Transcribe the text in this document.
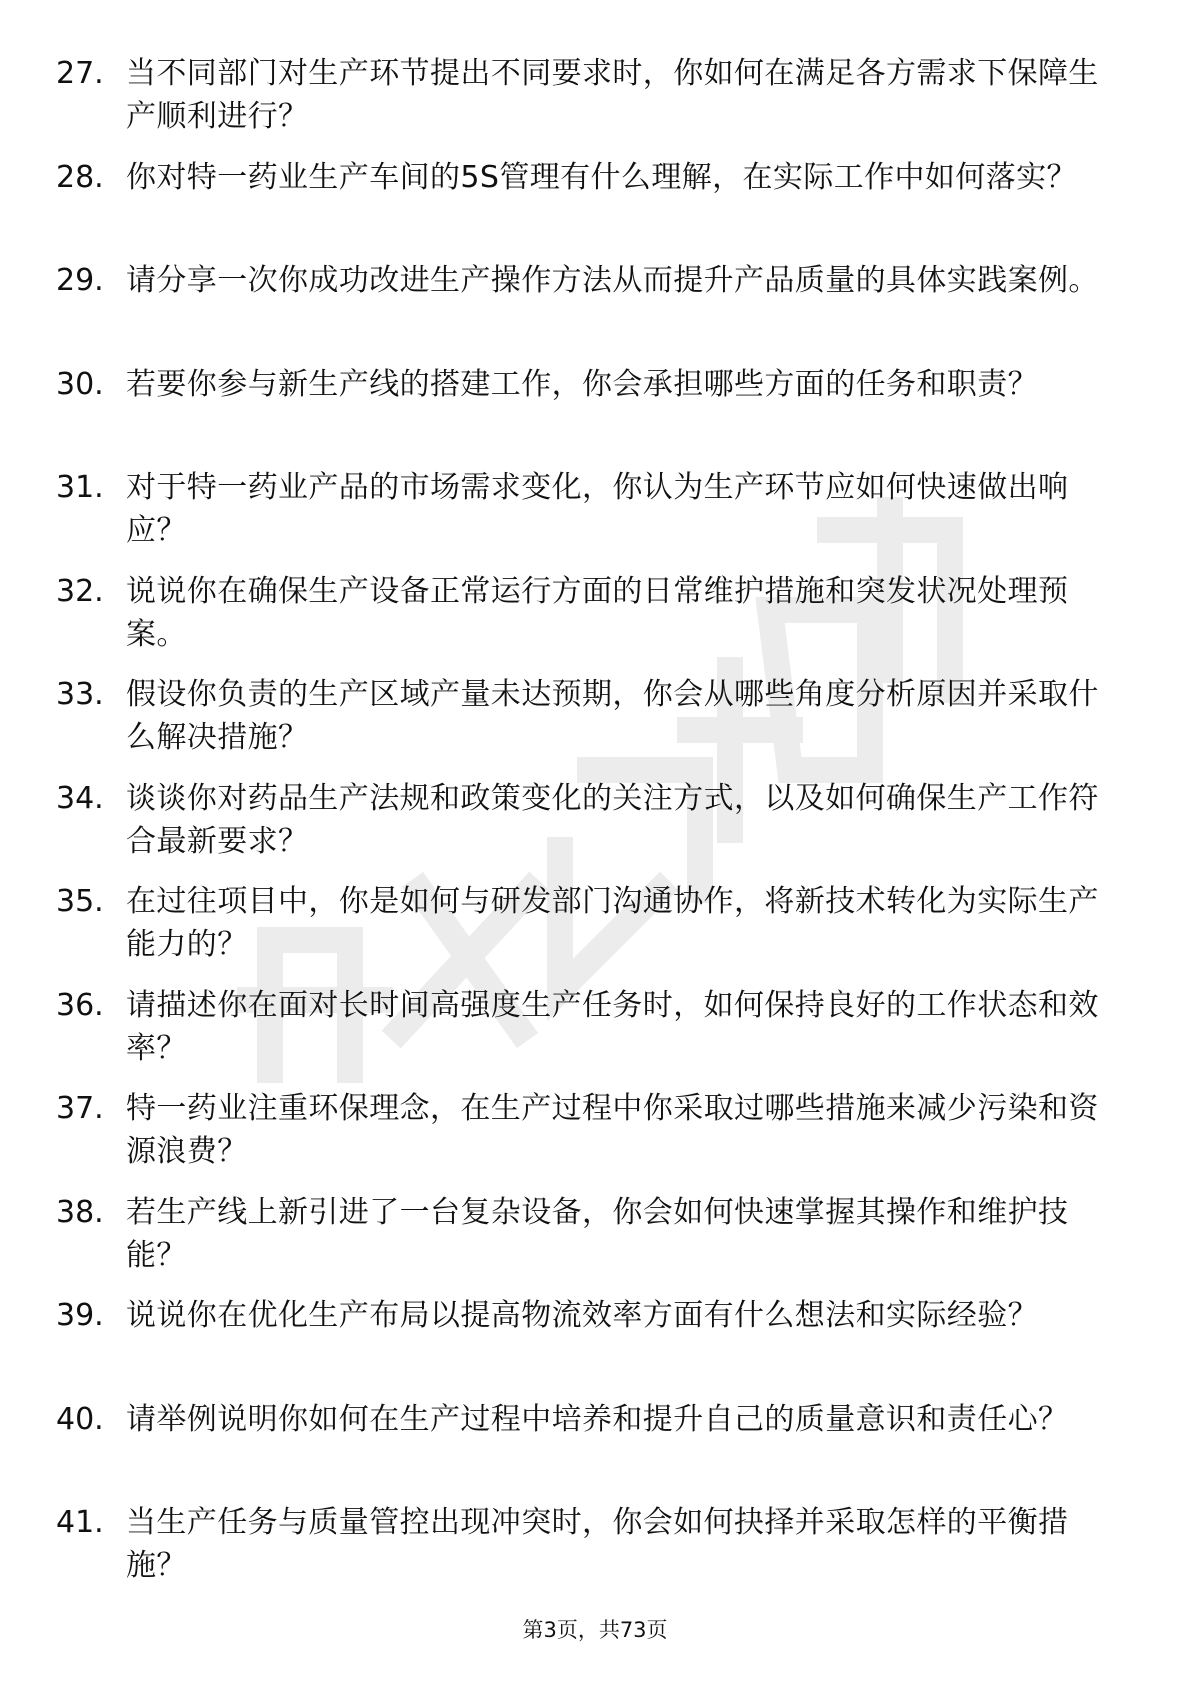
27. 当不同部门对生产环节提出不同要求时，你如何在满足各方需求下保障生产顺利进行？
28. 你对特一药业生产车间的5S管理有什么理解，在实际工作中如何落实？
29. 请分享一次你成功改进生产操作方法从而提升产品质量的具体实践案例。
30. 若要你参与新生产线的搭建工作，你会承担哪些方面的任务和职责？
31. 对于特一药业产品的市场需求变化，你认为生产环节应如何快速做出响应？
32. 说说你在确保生产设备正常运行方面的日常维护措施和突发状况处理预案。
33. 假设你负责的生产区域产量未达预期，你会从哪些角度分析原因并采取什么解决措施？
34. 谈谈你对药品生产法规和政策变化的关注方式，以及如何确保生产工作符合最新要求？
35. 在过往项目中，你是如何与研发部门沟通协作，将新技术转化为实际生产能力的？
36. 请描述你在面对长时间高强度生产任务时，如何保持良好的工作状态和效率？
37. 特一药业注重环保理念，在生产过程中你采取过哪些措施来减少污染和资源浪费？
38. 若生产线上新引进了一台复杂设备，你会如何快速掌握其操作和维护技能？
39. 说说你在优化生产布局以提高物流效率方面有什么想法和实际经验？
40. 请举例说明你如何在生产过程中培养和提升自己的质量意识和责任心？
41. 当生产任务与质量管控出现冲突时，你会如何抉择并采取怎样的平衡措施？
第3页，共73页
